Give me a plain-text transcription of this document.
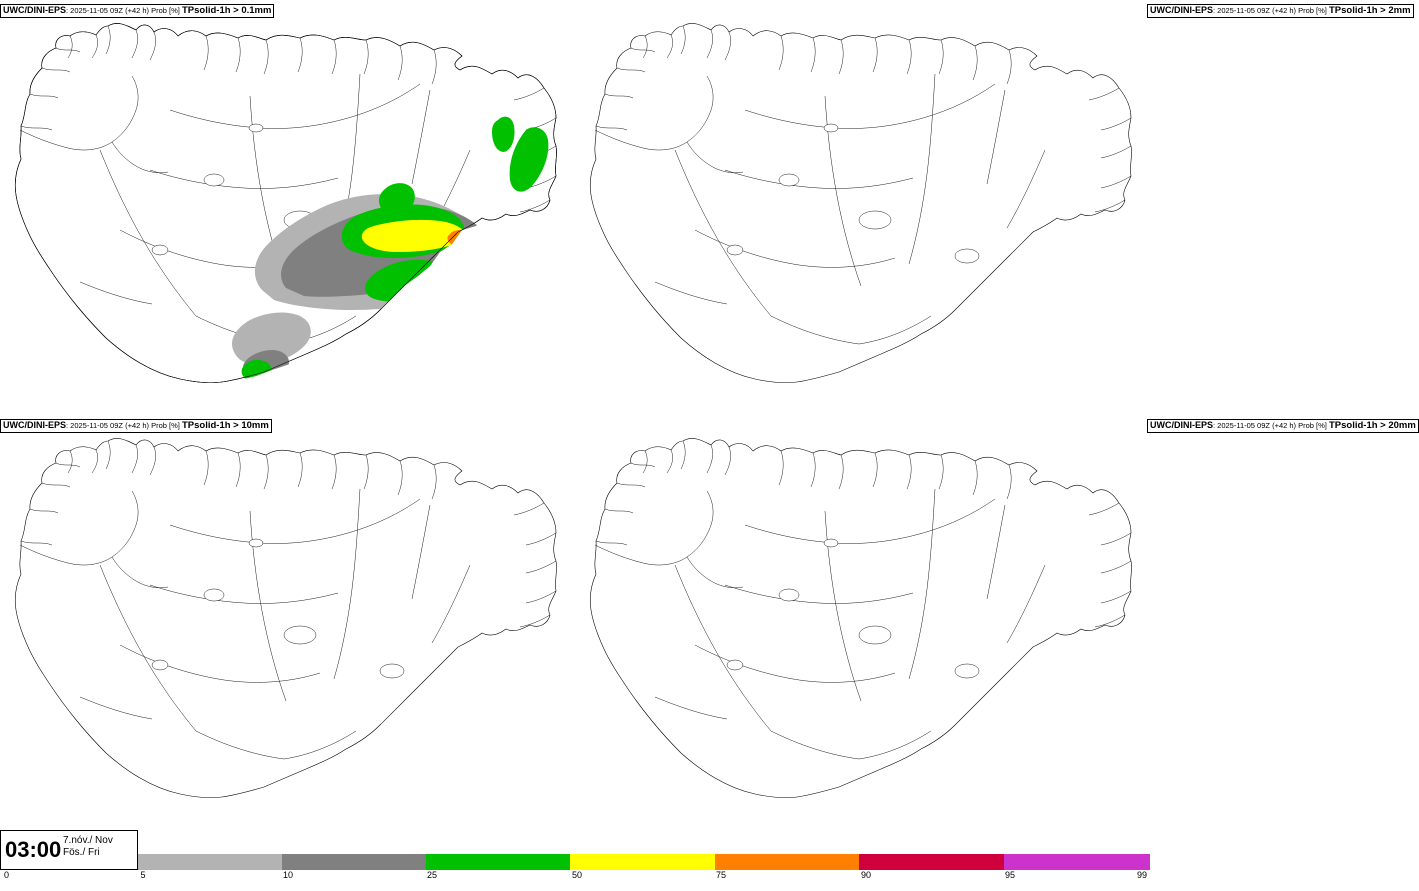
UWC/DINI-EPS: 2025-11-05 09Z (+42 h) Prob [%] TPsolid-1h > 0.1mm	UWC/DINI-EPS: 2025-11-05 09Z (+42 h) Prob [%] TPsolid-1h > 2mm
UWC/DINI-EPS: 2025-11-05 09Z (+42 h) Prob [%] TPsolid-1h > 10mm	UWC/DINI-EPS: 2025-11-05 09Z (+42 h) Prob [%] TPsolid-1h > 20mm
03:00 7.nóv./ Nov
Fös./ Fri
0	5	10	25	50	75	90	95	99
